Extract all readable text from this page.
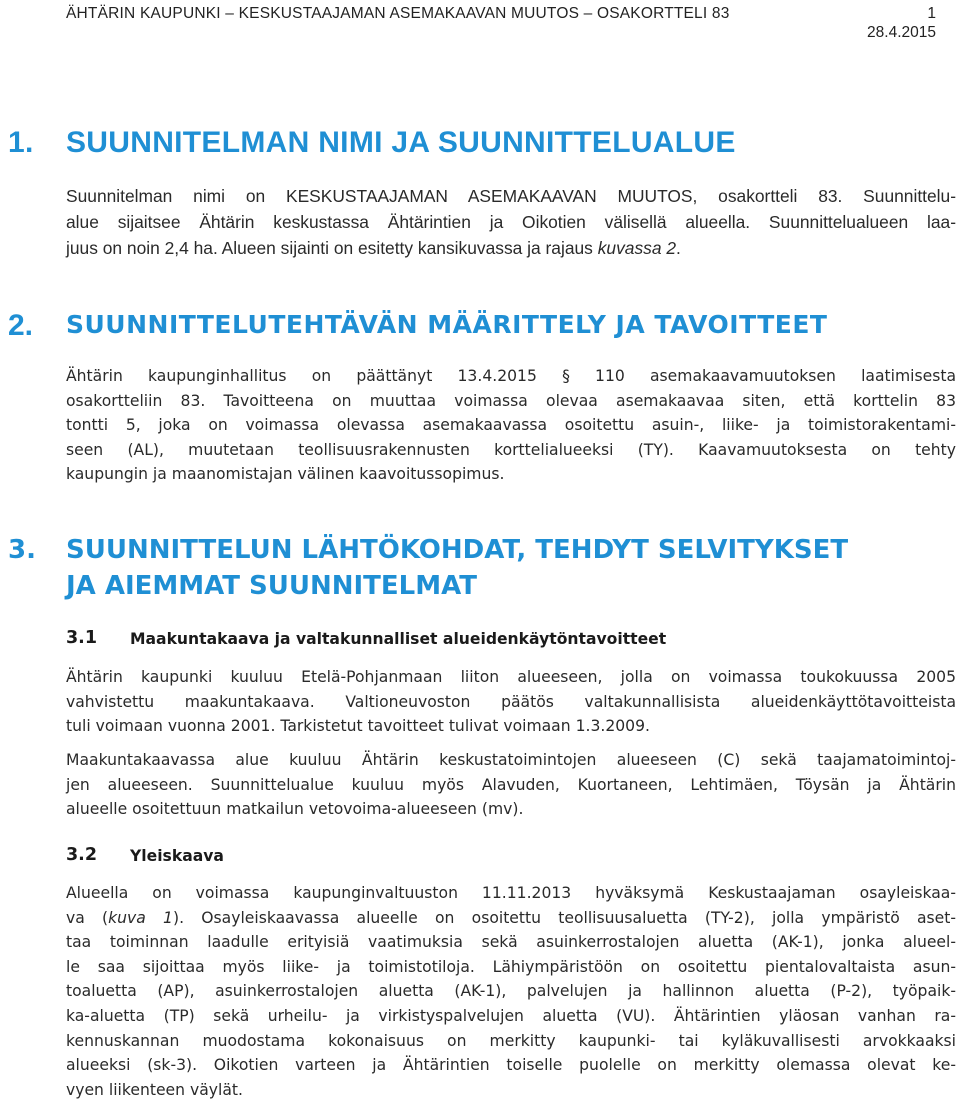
ÄHTÄRIN KAUPUNKI – KESKUSTAAJAMAN ASEMAKAAVAN MUUTOS – OSAKORTTELI 83	1
28.4.2015
1. SUUNNITELMAN NIMI JA SUUNNITTELUALUE
Suunnitelman nimi on KESKUSTAAJAMAN ASEMAKAAVAN MUUTOS, osakortteli 83. Suunnittelu-
alue sijaitsee Ähtärin keskustassa Ähtärintien ja Oikotien välisellä alueella. Suunnittelualueen laa-
juus on noin 2,4 ha. Alueen sijainti on esitetty kansikuvassa ja rajaus kuvassa 2.
2. SUUNNITTELUTEHTÄVÄN MÄÄRITTELY JA TAVOITTEET
Ähtärin kaupunginhallitus on päättänyt 13.4.2015 § 110 asemakaavamuutoksen laatimisesta
osakortteliin 83. Tavoitteena on muuttaa voimassa olevaa asemakaavaa siten, että korttelin 83
tontti 5, joka on voimassa olevassa asemakaavassa osoitettu asuin-, liike- ja toimistorakentami-
seen (AL), muutetaan teollisuusrakennusten korttelialueeksi (TY). Kaavamuutoksesta on tehty
kaupungin ja maanomistajan välinen kaavoitussopimus.
3. SUUNNITTELUN LÄHTÖKOHDAT, TEHDYT SELVITYKSET
JA AIEMMAT SUUNNITELMAT
3.1 Maakuntakaava ja valtakunnalliset alueidenkäytöntavoitteet
Ähtärin kaupunki kuuluu Etelä-Pohjanmaan liiton alueeseen, jolla on voimassa toukokuussa 2005
vahvistettu maakuntakaava. Valtioneuvoston päätös valtakunnallisista alueidenkäyttötavoitteista
tuli voimaan vuonna 2001. Tarkistetut tavoitteet tulivat voimaan 1.3.2009.
Maakuntakaavassa alue kuuluu Ähtärin keskustatoimintojen alueeseen (C) sekä taajamatoimintoj-
jen alueeseen. Suunnittelualue kuuluu myös Alavuden, Kuortaneen, Lehtimäen, Töysän ja Ähtärin
alueelle osoitettuun matkailun vetovoima-alueeseen (mv).
3.2 Yleiskaava
Alueella on voimassa kaupunginvaltuuston 11.11.2013 hyväksymä Keskustaajaman osayleiskaa-
va (kuva 1). Osayleiskaavassa alueelle on osoitettu teollisuusaluetta (TY-2), jolla ympäristö aset-
taa toiminnan laadulle erityisiä vaatimuksia sekä asuinkerrostalojen aluetta (AK-1), jonka alueel-
le saa sijoittaa myös liike- ja toimistotiloja. Lähiympäristöön on osoitettu pientalovaltaista asun-
toaluetta (AP), asuinkerrostalojen aluetta (AK-1), palvelujen ja hallinnon aluetta (P-2), työpaik-
ka-aluetta (TP) sekä urheilu- ja virkistyspalvelujen aluetta (VU). Ähtärintien yläosan vanhan ra-
kennuskannan muodostama kokonaisuus on merkitty kaupunki- tai kyläkuvallisesti arvokkaaksi
alueeksi (sk-3). Oikotien varteen ja Ähtärintien toiselle puolelle on merkitty olemassa olevat ke-
vyen liikenteen väylät.
